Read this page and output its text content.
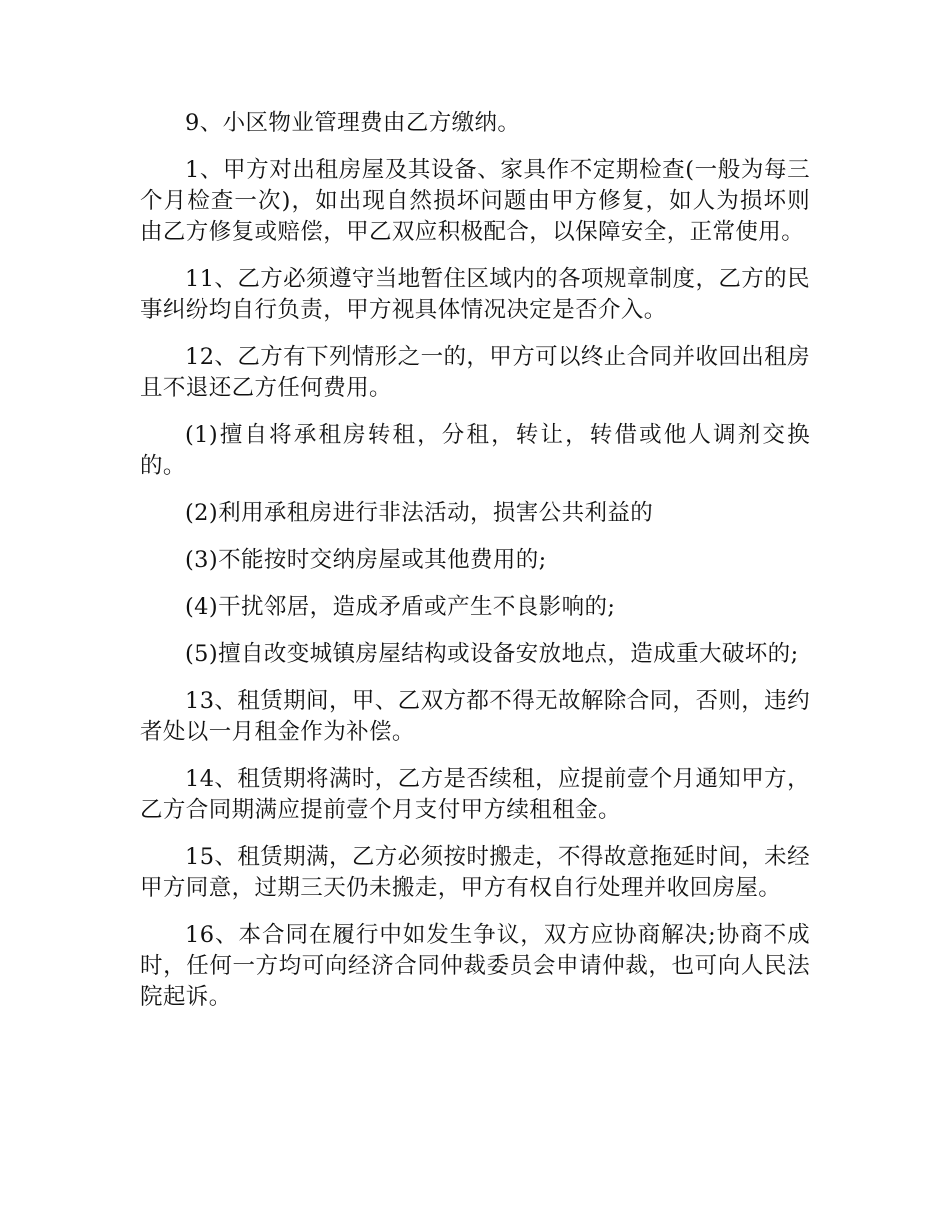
9、小区物业管理费由乙方缴纳。

1、甲方对出租房屋及其设备、家具作不定期检查(一般为每三个月检查一次)，如出现自然损坏问题由甲方修复，如人为损坏则由乙方修复或赔偿，甲乙双应积极配合，以保障安全，正常使用。

11、乙方必须遵守当地暂住区域内的各项规章制度，乙方的民事纠纷均自行负责，甲方视具体情况决定是否介入。

12、乙方有下列情形之一的，甲方可以终止合同并收回出租房且不退还乙方任何费用。

(1)擅自将承租房转租，分租，转让，转借或他人调剂交换的。

(2)利用承租房进行非法活动，损害公共利益的

(3)不能按时交纳房屋或其他费用的;

(4)干扰邻居，造成矛盾或产生不良影响的;

(5)擅自改变城镇房屋结构或设备安放地点，造成重大破坏的;

13、租赁期间，甲、乙双方都不得无故解除合同，否则，违约者处以一月租金作为补偿。

14、租赁期将满时，乙方是否续租，应提前壹个月通知甲方，乙方合同期满应提前壹个月支付甲方续租租金。

15、租赁期满，乙方必须按时搬走，不得故意拖延时间，未经甲方同意，过期三天仍未搬走，甲方有权自行处理并收回房屋。

16、本合同在履行中如发生争议，双方应协商解决;协商不成时，任何一方均可向经济合同仲裁委员会申请仲裁，也可向人民法院起诉。
